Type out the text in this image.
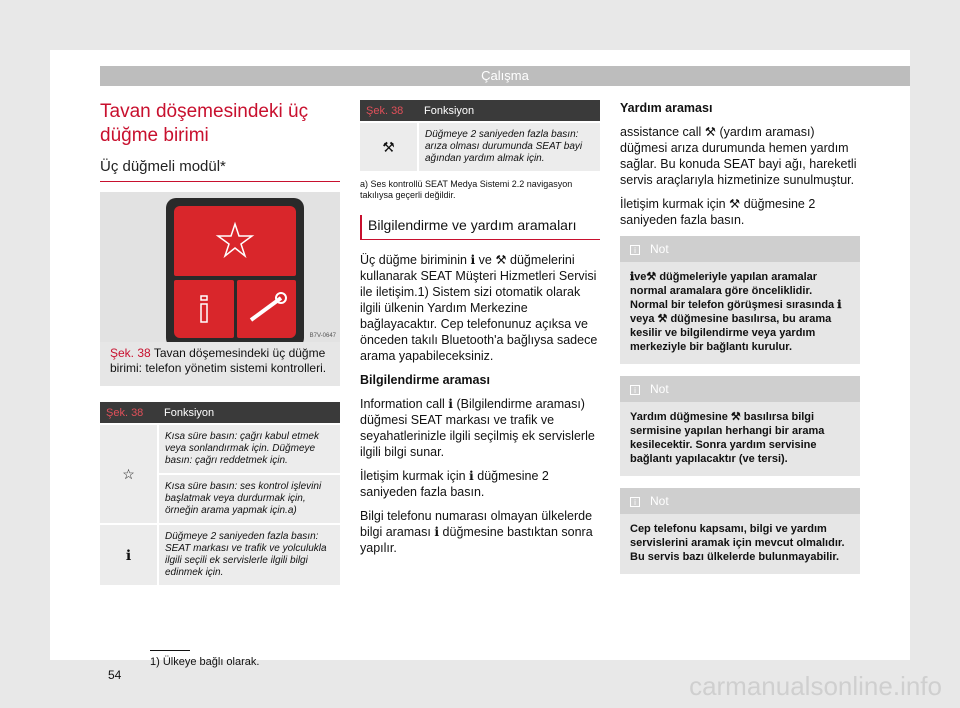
Çalışma
Tavan döşemesindeki üç düğme birimi
Üç düğmeli modül*
B7V-0647
Şek. 38 Tavan döşemesindeki üç düğme birimi: telefon yönetim sistemi kontrolleri.
Şek. 38	Fonksiyon
☆	Kısa süre basın: çağrı kabul etmek veya sonlandırmak için. Düğmeye basın: çağrı reddetmek için.
	Kısa süre basın: ses kontrol işlevini başlatmak veya durdurmak için, örneğin arama yapmak için.a)
ℹ	Düğmeye 2 saniyeden fazla basın: SEAT markası ve trafik ve yolculukla ilgili seçili ek servislerle ilgili bilgi edinmek için.
Şek. 38	Fonksiyon
⚒	Düğmeye 2 saniyeden fazla basın: arıza olması durumunda SEAT bayi ağından yardım almak için.
a) Ses kontrollü SEAT Medya Sistemi 2.2 navigasyon takılıysa geçerli değildir.
Bilgilendirme ve yardım aramaları

Üç düğme biriminin ℹ ve ⚒ düğmelerini kullanarak SEAT Müşteri Hizmetleri Servisi ile iletişim.1) Sistem sizi otomatik olarak ilgili ülkenin Yardım Merkezine bağlayacaktır. Cep telefonunuz açıksa ve önceden takılı Bluetooth'a bağlıysa sadece arama yapabileceksiniz.

Bilgilendirme araması

Information call ℹ (Bilgilendirme araması) düğmesi SEAT markası ve trafik ve seyahatlerinizle ilgili seçilmiş ek servislerle ilgili bilgi sunar.

İletişim kurmak için ℹ düğmesine 2 saniyeden fazla basın.

Bilgi telefonu numarası olmayan ülkelerde bilgi araması ℹ düğmesine bastıktan sonra yapılır.

Yardım araması

assistance call ⚒ (yardım araması) düğmesi arıza durumunda hemen yardım sağlar. Bu konuda SEAT bayi ağı, hareketli servis araçlarıyla hizmetinize sunulmuştur.

İletişim kurmak için ⚒ düğmesine 2 saniyeden fazla basın.

i Not
ℹve⚒ düğmeleriyle yapılan aramalar normal aramalara göre önceliklidir. Normal bir telefon görüşmesi sırasında ℹ veya ⚒ düğmesine basılırsa, bu arama kesilir ve bilgilendirme veya yardım merkeziyle bir bağlantı kurulur.
i Not
Yardım düğmesine ⚒ basılırsa bilgi sermisine yapılan herhangi bir arama kesilecektir. Sonra yardım servisine bağlantı yapılacaktır (ve tersi).
i Not
Cep telefonu kapsamı, bilgi ve yardım servislerini aramak için mevcut olmalıdır. Bu servis bazı ülkelerde bulunmayabilir.
1) Ülkeye bağlı olarak.
54	carmanualsonline.info
